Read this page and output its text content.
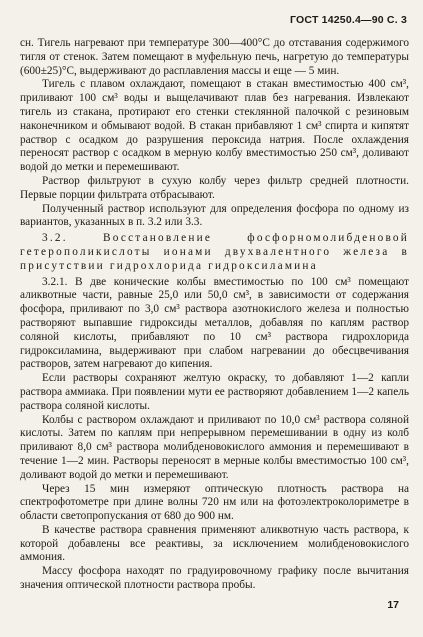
ГОСТ 14250.4—90 С. 3

сн. Тигель нагревают при температуре 300—400°С до отставания содержимого тигля от стенок. Затем помещают в муфельную печь, нагретую до температуры (600±25)°С, выдерживают до расплавления массы и еще — 5 мин.

Тигель с плавом охлаждают, помещают в стакан вместимостью 400 см³, приливают 100 см³ воды и выщелачивают плав без нагревания. Извлекают тигель из стакана, протирают его стенки стеклянной палочкой с резиновым наконечником и обмывают водой. В стакан прибавляют 1 см³ спирта и кипятят раствор с осадком до разрушения пероксида натрия. После охлаждения переносят раствор с осадком в мерную колбу вместимостью 250 см³, доливают водой до метки и перемешивают.

Раствор фильтруют в сухую колбу через фильтр средней плотности. Первые порции фильтрата отбрасывают.

Полученный раствор используют для определения фосфора по одному из вариантов, указанных в п. 3.2 или 3.3.

3.2. Восстановление фосфорномолибденовой гетерополикислоты ионами двухвалентного железа в присутствии гидрохлорида гидроксиламина

3.2.1. В две конические колбы вместимостью по 100 см³ помещают аликвотные части, равные 25,0 или 50,0 см³, в зависимости от содержания фосфора, приливают по 3,0 см³ раствора азотнокислого железа и полностью растворяют выпавшие гидроксиды металлов, добавляя по каплям раствор соляной кислоты, прибавляют по 10 см³ раствора гидрохлорида гидроксиламина, выдерживают при слабом нагревании до обесцвечивания растворов, затем нагревают до кипения.

Если растворы сохраняют желтую окраску, то добавляют 1—2 капли раствора аммиака. При появлении мути ее растворяют добавлением 1—2 капель раствора соляной кислоты.

Колбы с раствором охлаждают и приливают по 10,0 см³ раствора соляной кислоты. Затем по каплям при непрерывном перемешивании в одну из колб приливают 8,0 см³ раствора молибденовокислого аммония и перемешивают в течение 1—2 мин. Растворы переносят в мерные колбы вместимостью 100 см³, доливают водой до метки и перемешивают.

Через 15 мин измеряют оптическую плотность раствора на спектрофотометре при длине волны 720 нм или на фотоэлектроколориметре в области светопропускания от 680 до 900 нм.

В качестве раствора сравнения применяют аликвотную часть раствора, к которой добавлены все реактивы, за исключением молибденовокислого аммония.

Массу фосфора находят по градуировочному графику после вычитания значения оптической плотности раствора пробы.

17
